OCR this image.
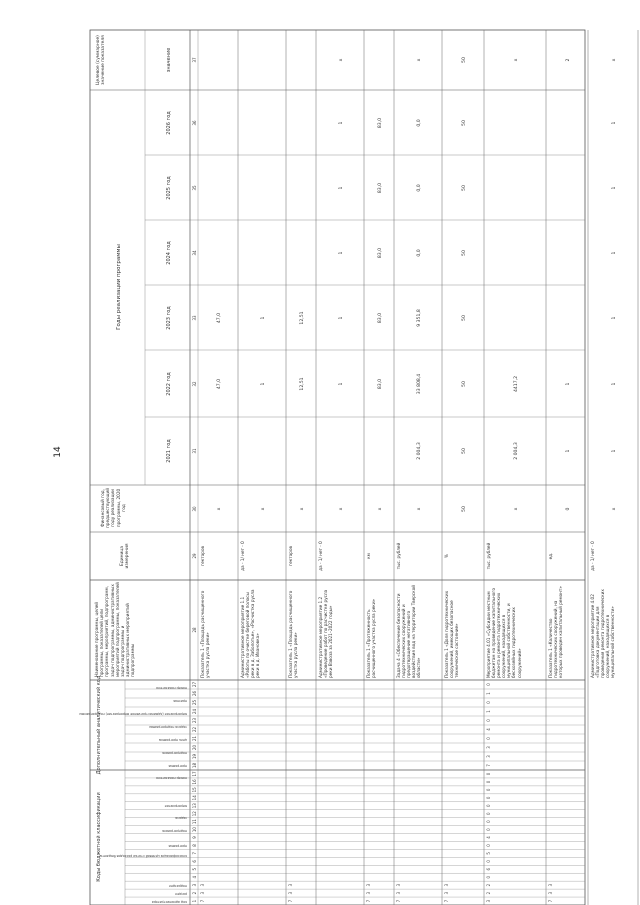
14
код администратора
раздел
подраздел
классификация целевой статьи расходов бюджета
программа
подпрограмма
задача
мероприятие
номер показателя
программа
подпрограмма
цель программы
задача подпрограммы
мероприятие (административное мероприятие) подпрограммы
признак
номер показателя
Коды бюджетной классификации
Дополнительный аналитический код
Наименование программы, целей программы, показателей цели программы, мероприятий, подпрограмм, задач подпрограммы, административных мероприятий подпрограммы, показателей задач подпрограммы и административных мероприятий подпрограммы
Единица измерения
Финансовый год, предшествующий году реализации программы, 2020 год
Годы реализации программы
2021 год
2022 год
2023 год
2024 год
2025 год
2026 год
Целевое (суммарное) значение показателя	значение
1
2
3
4
5
6
7
8
9
10
11
12
13
14
15
16
17
18
19
20
21
22
23
24
25
26
27
28
29
30
31
32
33
34
35
36
37
Показатель 1 «Площадь расчищенного участка русла реки»
гектаров
x
47,0
47,0
7
3
3
Административное мероприятие 1.1 «Работы по очистке береговой полосы реки в д. Заболотье», «Расчистка русла реки в д. Ивановка»
да - 1/ нет - 0
x
1
1
Показатель 1 «Площадь расчищенного участка русла реки»
гектаров
x
12,51
12,51
7
3
3
Административное мероприятие 1.2 «Проведение работ по расчистке русла реки Взвоза за 2021–2022 годы»
да - 1/ нет - 0
x
1
1
1
1
1
x
Показатель 1 «Протяженность расчищенного участка русла реки»
км
x
83,0
83,0
83,0
83,0
83,0
7
3
3
Задача 4 «Обеспечение безопасности гидротехнических сооружений и предотвращение негативного воздействия вод на территории Тверской области»
тыс. рублей
x
2 004,3
33 808,4
9 351,8
0,0
0,0
0,0
x
7
3
3
Показатель 1 «Доля гидротехнических сооружений, имеющих безопасное техническое состояние»
%
50
50
50
50
50
50
50
50
7
3
3
Мероприятие 4.01 «Субсидии местным бюджетам на проведение капитального ремонта и ремонта гидротехнических сооружений, находящихся в муниципальной собственности, и бесхозяйных гидротехнических сооружений»
тыс. рублей
x
2 004,3
4417,2
x
3
2
2
0
6
0
5
0
4
0
0
0
0
0
0
0
0
7
3
3
0
4
0
1
0
1
0
Показатель 1 «Количество гидротехнических сооружений, на которых проведен капитальный ремонт»
ед.
0
1
1
2
7
3
3
Административное мероприятие 4.02 «Подготовка документации для проведения ремонта гидротехнических сооружений, находящихся в муниципальной собственности»
да - 1/ нет - 0
x
1
1
1
1
1
1
x
